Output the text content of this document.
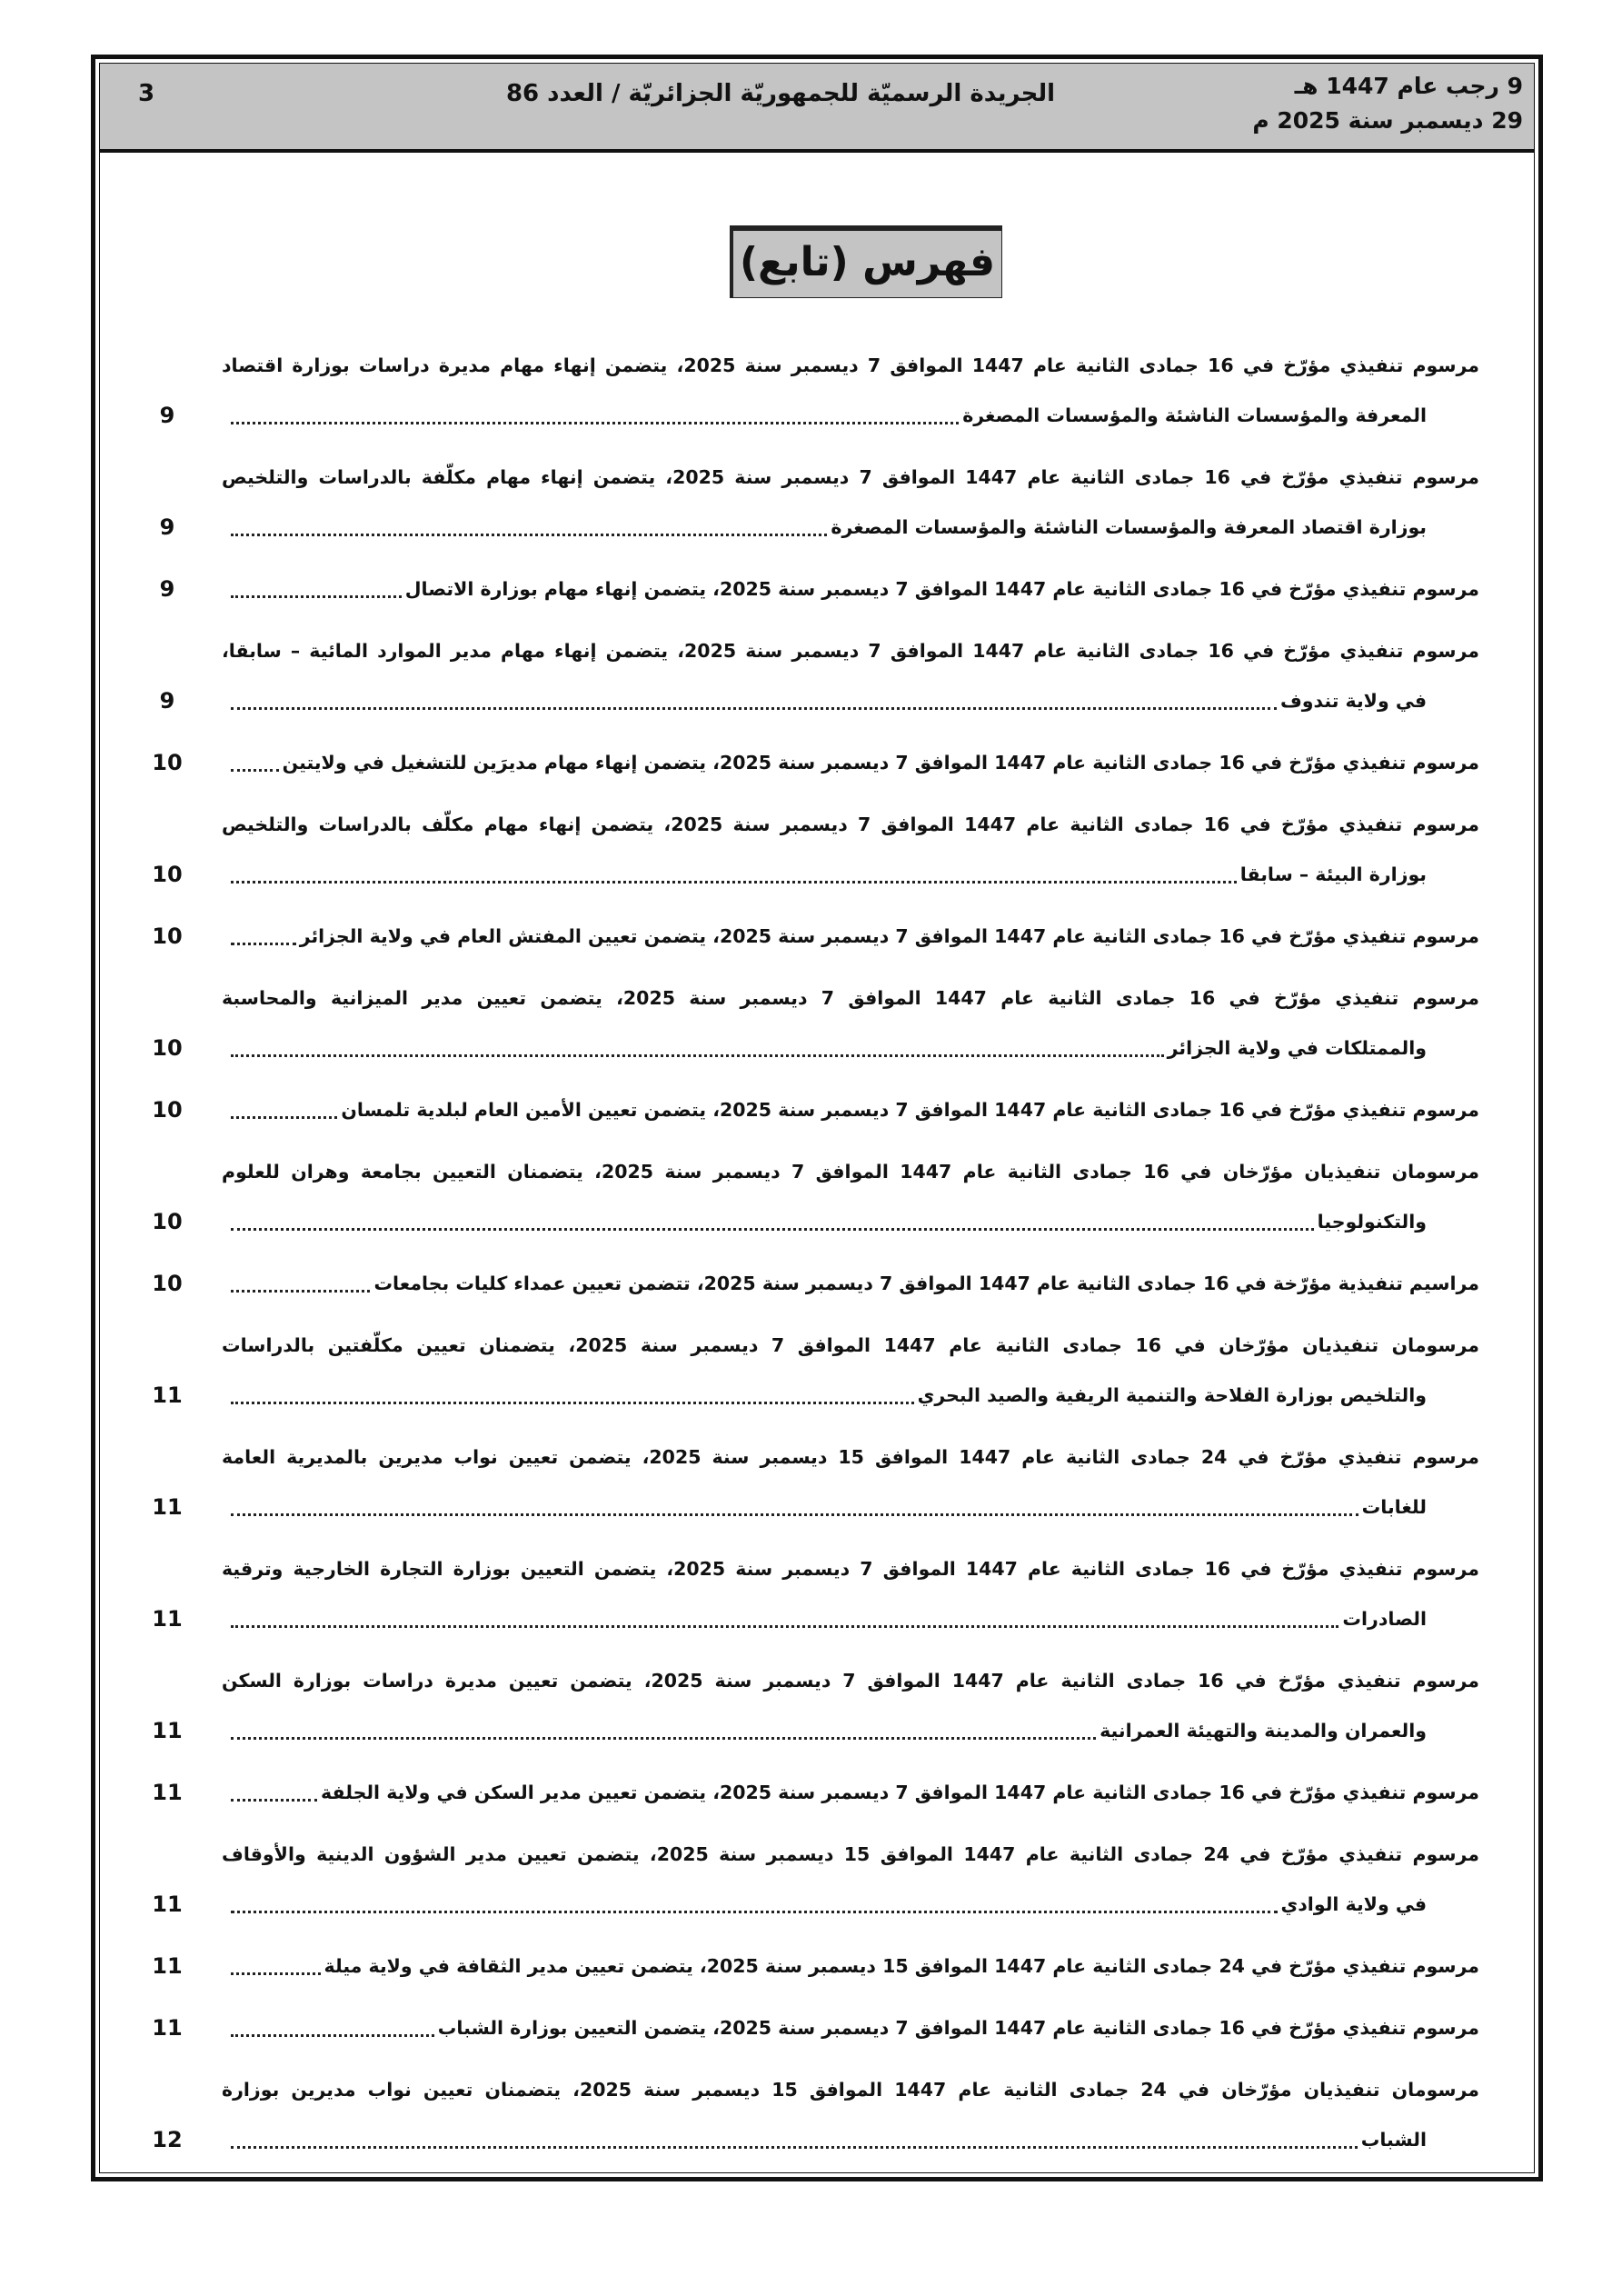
9 رجب عام 1447 هـ
29 ديسمبر سنة 2025 م
الجريدة الرسميّة للجمهوريّة الجزائريّة / العدد 86
3
فهرس (تابع)
مرسوم تنفيذي مؤرّخ في 16 جمادى الثانية عام 1447 الموافق 7 ديسمبر سنة 2025، يتضمن إنهاء مهام مديرة دراسات بوزارة اقتصاد
المعرفة والمؤسسات الناشئة والمؤسسات المصغرة
9
مرسوم تنفيذي مؤرّخ في 16 جمادى الثانية عام 1447 الموافق 7 ديسمبر سنة 2025، يتضمن إنهاء مهام مكلّفة بالدراسات والتلخيص
بوزارة اقتصاد المعرفة والمؤسسات الناشئة والمؤسسات المصغرة
9
مرسوم تنفيذي مؤرّخ في 16 جمادى الثانية عام 1447 الموافق 7 ديسمبر سنة 2025، يتضمن إنهاء مهام بوزارة الاتصال
9
مرسوم تنفيذي مؤرّخ في 16 جمادى الثانية عام 1447 الموافق 7 ديسمبر سنة 2025، يتضمن إنهاء مهام مدير الموارد المائية – سابقا،
في ولاية تندوف
9
مرسوم تنفيذي مؤرّخ في 16 جمادى الثانية عام 1447 الموافق 7 ديسمبر سنة 2025، يتضمن إنهاء مهام مديرَين للتشغيل في ولايتين
10
مرسوم تنفيذي مؤرّخ في 16 جمادى الثانية عام 1447 الموافق 7 ديسمبر سنة 2025، يتضمن إنهاء مهام مكلّف بالدراسات والتلخيص
بوزارة البيئة – سابقا
10
مرسوم تنفيذي مؤرّخ في 16 جمادى الثانية عام 1447 الموافق 7 ديسمبر سنة 2025، يتضمن تعيين المفتش العام في ولاية الجزائر
10
مرسوم تنفيذي مؤرّخ في 16 جمادى الثانية عام 1447 الموافق 7 ديسمبر سنة 2025، يتضمن تعيين مدير الميزانية والمحاسبة
والممتلكات في ولاية الجزائر
10
مرسوم تنفيذي مؤرّخ في 16 جمادى الثانية عام 1447 الموافق 7 ديسمبر سنة 2025، يتضمن تعيين الأمين العام لبلدية تلمسان
10
مرسومان تنفيذيان مؤرّخان في 16 جمادى الثانية عام 1447 الموافق 7 ديسمبر سنة 2025، يتضمنان التعيين بجامعة وهران للعلوم
والتكنولوجيا
10
مراسيم تنفيذية مؤرّخة في 16 جمادى الثانية عام 1447 الموافق 7 ديسمبر سنة 2025، تتضمن تعيين عمداء كليات بجامعات
10
مرسومان تنفيذيان مؤرّخان في 16 جمادى الثانية عام 1447 الموافق 7 ديسمبر سنة 2025، يتضمنان تعيين مكلّفتين بالدراسات
والتلخيص بوزارة الفلاحة والتنمية الريفية والصيد البحري
11
مرسوم تنفيذي مؤرّخ في 24 جمادى الثانية عام 1447 الموافق 15 ديسمبر سنة 2025، يتضمن تعيين نواب مديرين بالمديرية العامة
للغابات
11
مرسوم تنفيذي مؤرّخ في 16 جمادى الثانية عام 1447 الموافق 7 ديسمبر سنة 2025، يتضمن التعيين بوزارة التجارة الخارجية وترقية
الصادرات
11
مرسوم تنفيذي مؤرّخ في 16 جمادى الثانية عام 1447 الموافق 7 ديسمبر سنة 2025، يتضمن تعيين مديرة دراسات بوزارة السكن
والعمران والمدينة والتهيئة العمرانية
11
مرسوم تنفيذي مؤرّخ في 16 جمادى الثانية عام 1447 الموافق 7 ديسمبر سنة 2025، يتضمن تعيين مدير السكن في ولاية الجلفة
11
مرسوم تنفيذي مؤرّخ في 24 جمادى الثانية عام 1447 الموافق 15 ديسمبر سنة 2025، يتضمن تعيين مدير الشؤون الدينية والأوقاف
في ولاية الوادي
11
مرسوم تنفيذي مؤرّخ في 24 جمادى الثانية عام 1447 الموافق 15 ديسمبر سنة 2025، يتضمن تعيين مدير الثقافة في ولاية ميلة
11
مرسوم تنفيذي مؤرّخ في 16 جمادى الثانية عام 1447 الموافق 7 ديسمبر سنة 2025، يتضمن التعيين بوزارة الشباب
11
مرسومان تنفيذيان مؤرّخان في 24 جمادى الثانية عام 1447 الموافق 15 ديسمبر سنة 2025، يتضمنان تعيين نواب مديرين بوزارة
الشباب
12
